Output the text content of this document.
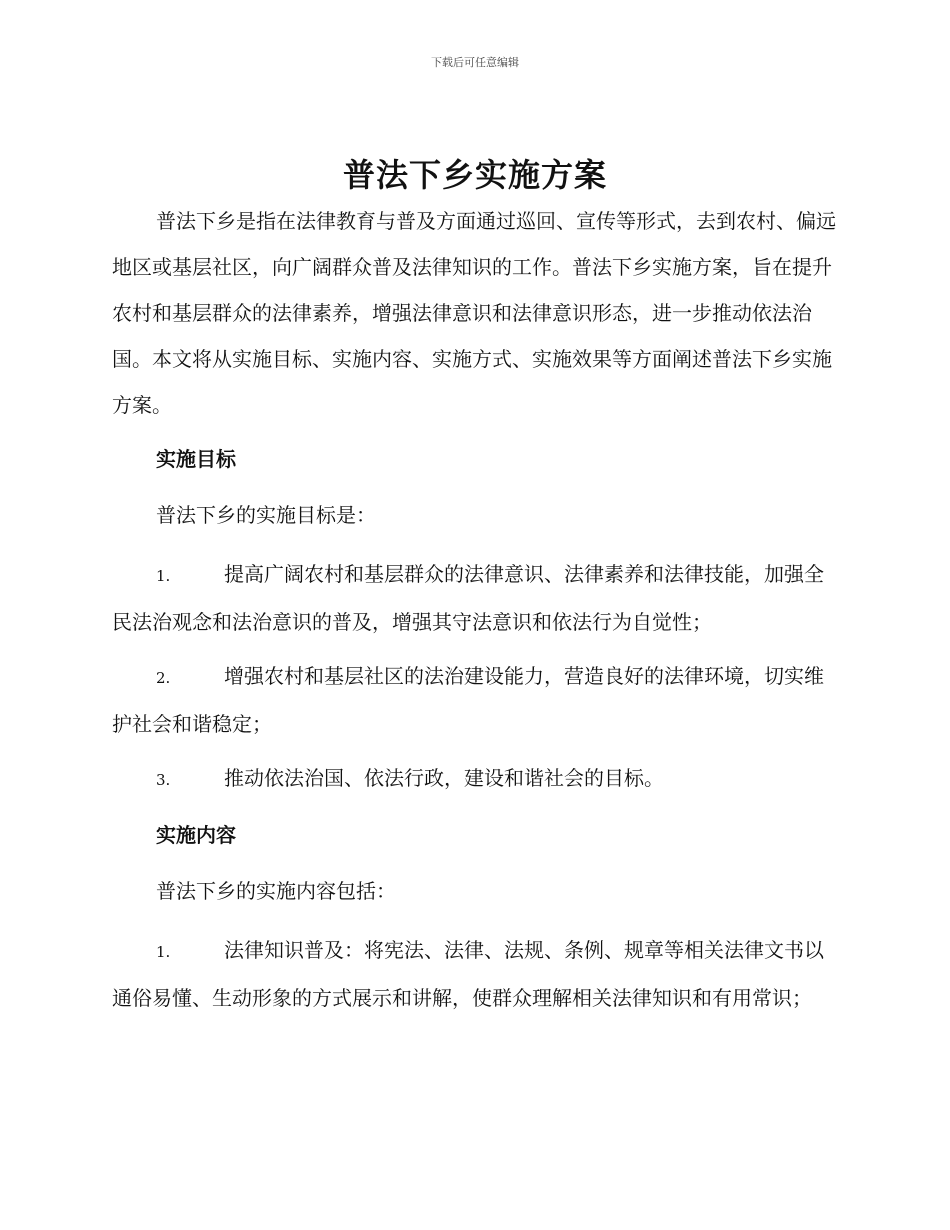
下载后可任意编辑
普法下乡实施方案

普法下乡是指在法律教育与普及方面通过巡回、宣传等形式，去到农村、偏远地区或基层社区，向广阔群众普及法律知识的工作。普法下乡实施方案，旨在提升农村和基层群众的法律素养，增强法律意识和法律意识形态，进一步推动依法治国。本文将从实施目标、实施内容、实施方式、实施效果等方面阐述普法下乡实施方案。

实施目标

普法下乡的实施目标是：

1.	提高广阔农村和基层群众的法律意识、法律素养和法律技能，加强全民法治观念和法治意识的普及，增强其守法意识和依法行为自觉性；

2.	增强农村和基层社区的法治建设能力，营造良好的法律环境，切实维护社会和谐稳定；

3.	推动依法治国、依法行政，建设和谐社会的目标。

实施内容

普法下乡的实施内容包括：

1.	法律知识普及：将宪法、法律、法规、条例、规章等相关法律文书以通俗易懂、生动形象的方式展示和讲解，使群众理解相关法律知识和有用常识；
